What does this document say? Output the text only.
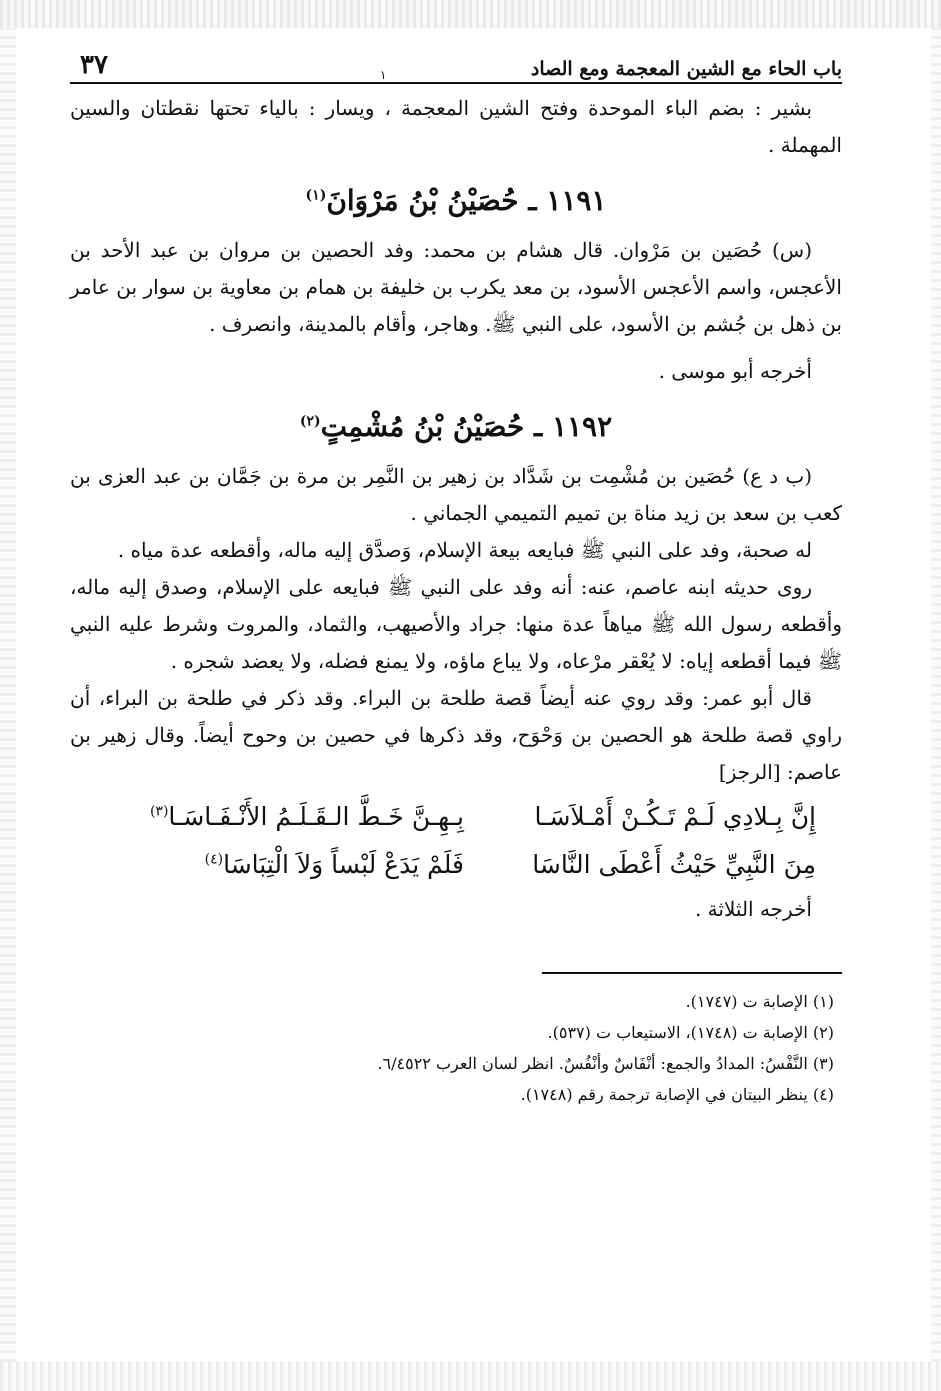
باب الحاء مع الشين المعجمة ومع الصاد
١
٣٧

بشير : بضم الباء الموحدة وفتح الشين المعجمة ، ويسار : بالياء تحتها نقطتان والسين المهملة .

١١٩١ ـ حُصَيْنُ بْنُ مَرْوَانَ$^{(١)}$

(س) حُصَين بن مَرْوان. قال هشام بن محمد: وفد الحصين بن مروان بن عبد الأحد بن الأعجس، واسم الأعجس الأسود، بن معد يكرب بن خليفة بن همام بن معاوية بن سوار بن عامر بن ذهل بن جُشم بن الأسود، على النبي ﷺ. وهاجر، وأقام بالمدينة، وانصرف .

أخرجه أبو موسى .

١١٩٢ ـ حُصَيْنُ بْنُ مُشْمِتٍ$^{(٢)}$

(ب د ع) حُصَين بن مُشْمِت بن شَدَّاد بن زهير بن النَّمِر بن مرة بن جَمَّان بن عبد العزى بن كعب بن سعد بن زيد مناة بن تميم التميمي الجماني .

له صحبة، وفد على النبي ﷺ فبايعه بيعة الإسلام، وَصدَّق إليه ماله، وأقطعه عدة مياه .

روى حديثه ابنه عاصم، عنه: أنه وفد على النبي ﷺ فبايعه على الإسلام، وصدق إليه ماله، وأقطعه رسول الله ﷺ مياهاً عدة منها: جراد والأصيهب، والثماد، والمروت وشرط عليه النبي ﷺ فيما أقطعه إياه: لا يُعْقر مرْعاه، ولا يباع ماؤه، ولا يمنع فضله، ولا يعضد شجره .

قال أبو عمر: وقد روي عنه أيضاً قصة طلحة بن البراء. وقد ذكر في طلحة بن البراء، أن راوي قصة طلحة هو الحصين بن وَحْوَح، وقد ذكرها في حصين بن وحوح أيضاً. وقال زهير بن عاصم: [الرجز]

إِنَّ بِـلادِي لَـمْ تَـكُـنْ أَمْـلاَسَـا
بِـهِـنَّ خَـطَّ الـقَـلَـمُ الأَنْـفَـاسَـا$^{(٣)}$
مِنَ النَّبِيِّ حَيْثُ أَعْطَى النَّاسَا
فَلَمْ يَدَعْ لَبْساً وَلاَ الْتِبَاسَا$^{(٤)}$

أخرجه الثلاثة .

(١) الإصابة ت (١٧٤٧).
(٢) الإصابة ت (١٧٤٨)، الاستيعاب ت (٥٣٧).
(٣) النَّفْسُ: المدادُ والجمع: أنْفَاسٌ وأنْفُسٌ. انظر لسان العرب ٦/٤٥٢٢.
(٤) ينظر البيتان في الإصابة ترجمة رقم (١٧٤٨).
